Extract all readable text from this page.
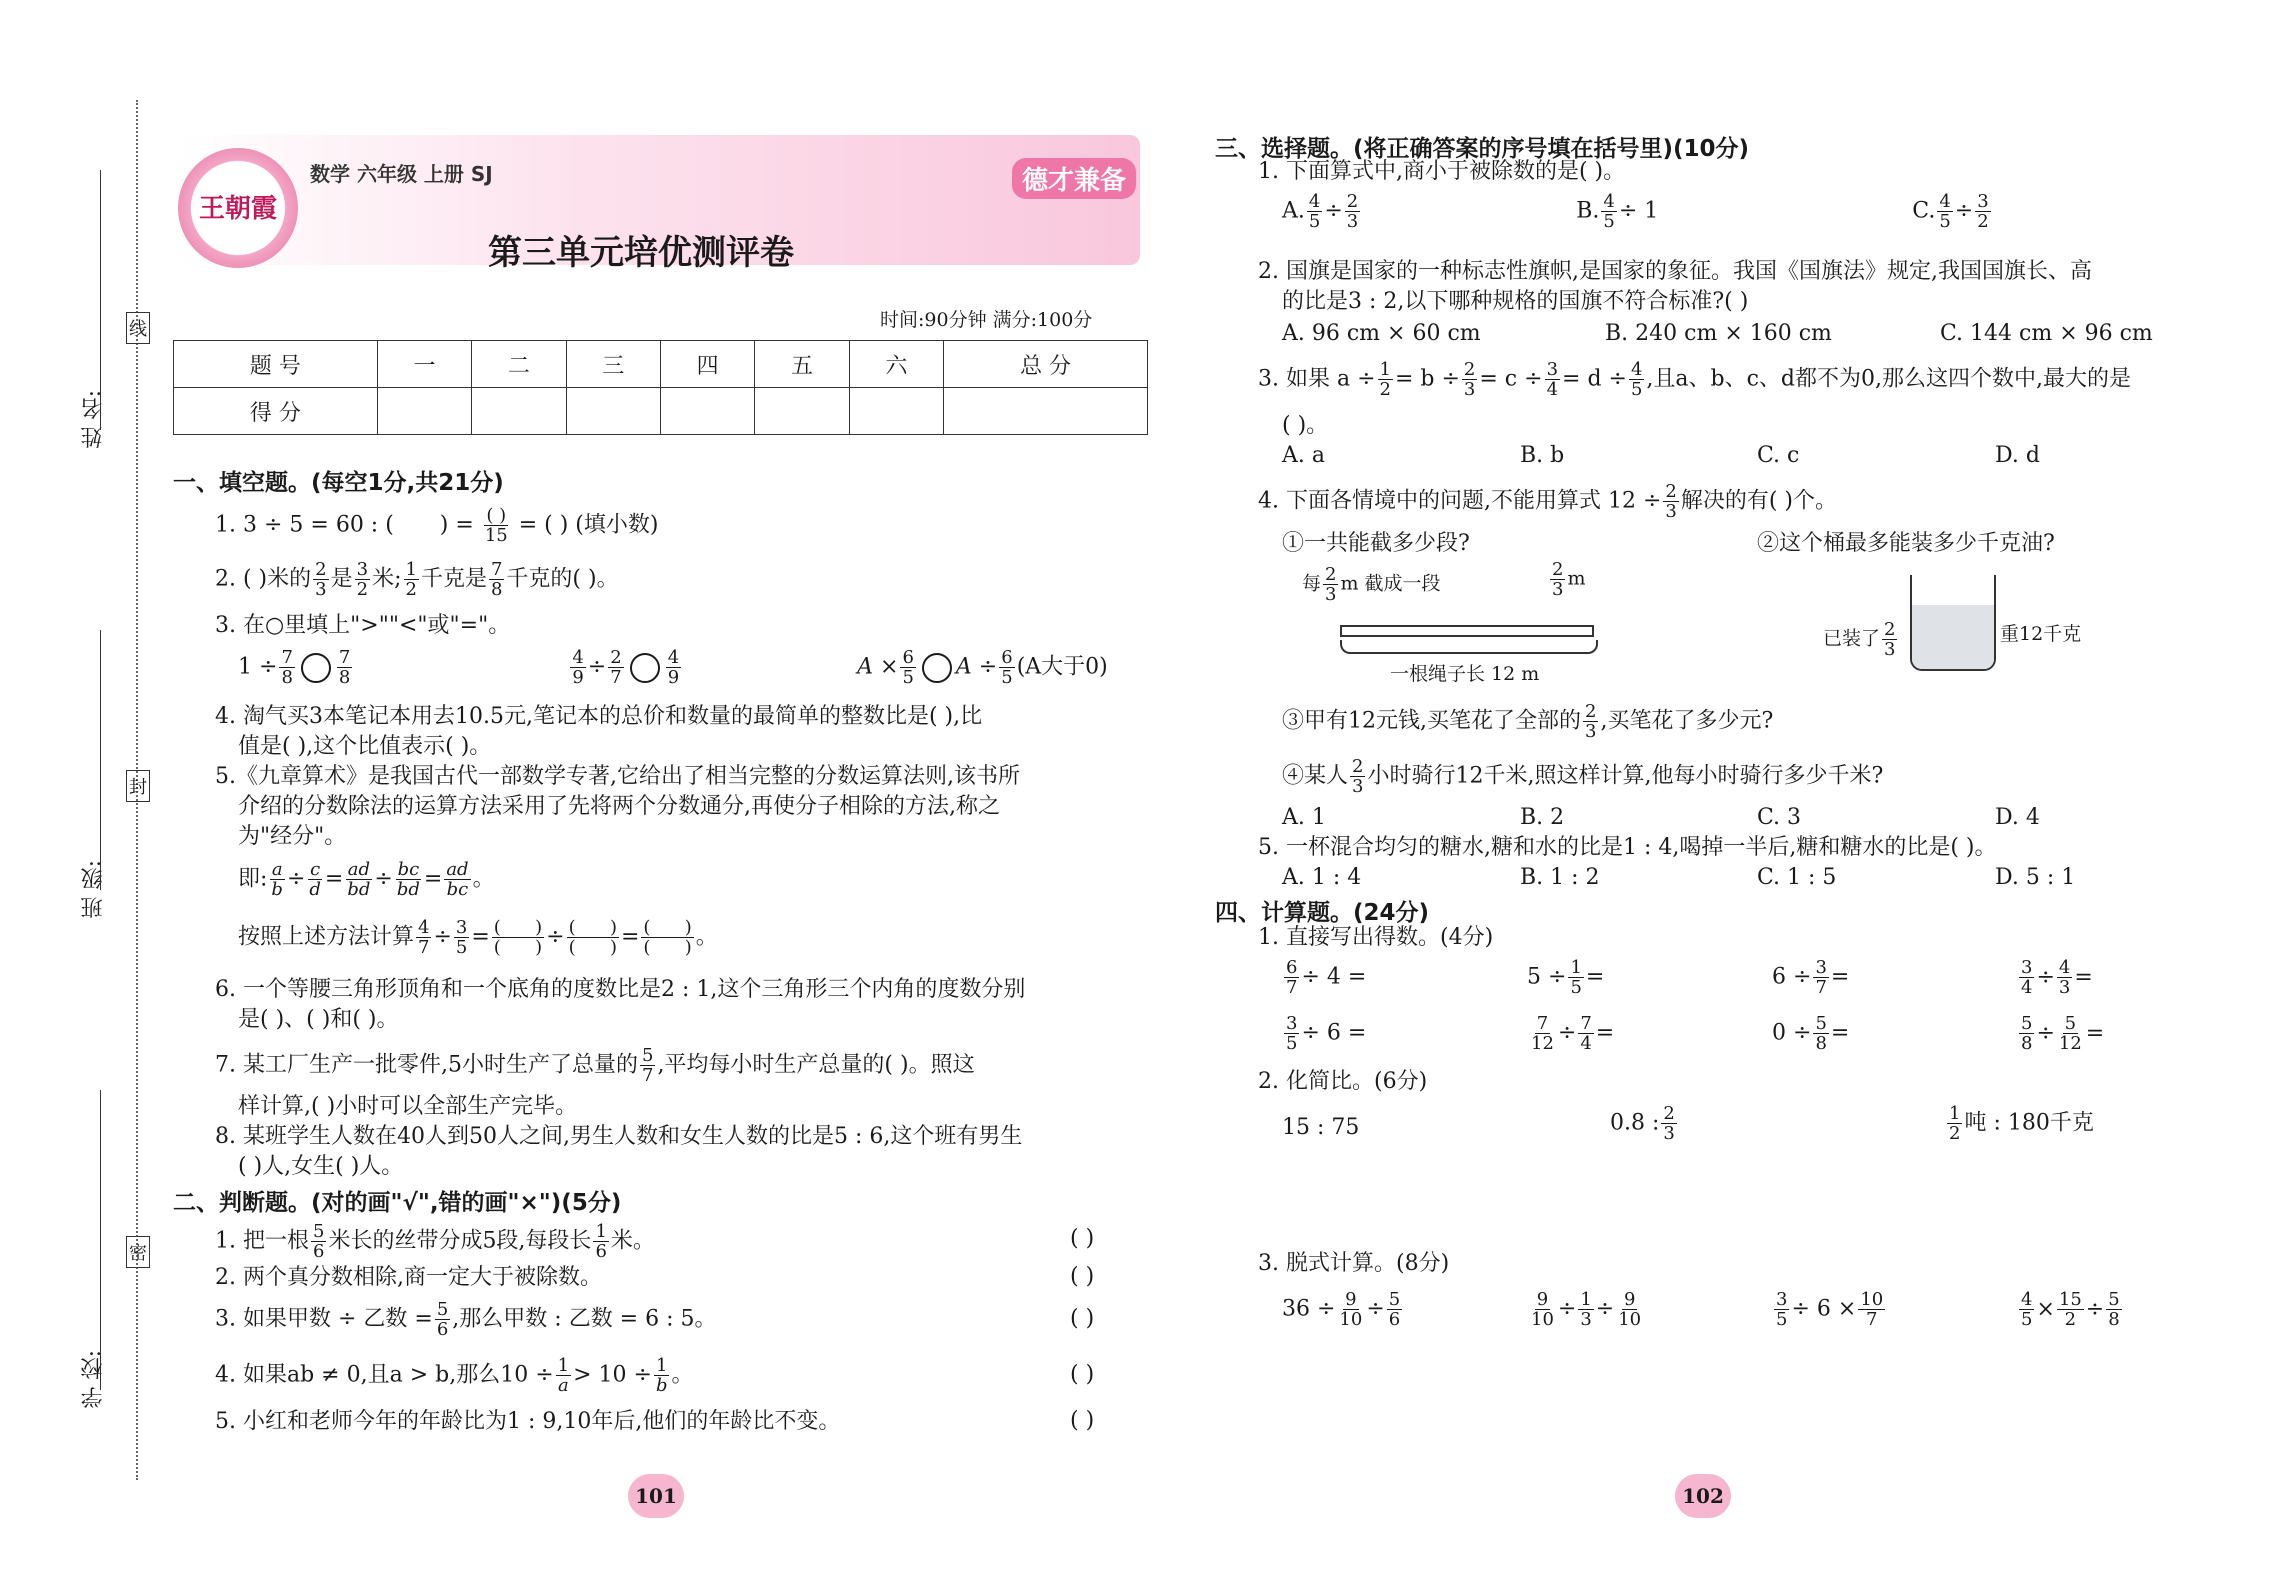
姓 名:
班 级:
学 校:
线
封
密
王朝霞
数学 六年级 上册 SJ
第三单元培优测评卷
德才兼备
时间:90分钟 满分:100分
题 号	一	二	三	四	五	六	总 分
得 分							
一、填空题。(每空1分,共21分)
1. 3 ÷ 5 = 60 : ( ) = $\frac{( )}{15}$ = ( ) (填小数)
2. ( )米的 $\frac{2}{3}$ 是 $\frac{3}{2}$ 米; $\frac{1}{2}$ 千克是 $\frac{7}{8}$ 千克的( )。
3. 在○里填上">""<"或"="。
$1 \div \frac{7}{8} \frac{7}{8}$
	$\frac{4}{9} \div \frac{2}{7} \frac{4}{9}$	$A \times \frac{6}{5}$ $A \div \frac{6}{5} (A$大于0)
4. 淘气买3本笔记本用去10.5元,笔记本的总价和数量的最简单的整数比是( ),比
值是( ),这个比值表示( )。
5.《九章算术》是我国古代一部数学专著,它给出了相当完整的分数运算法则,该书所
介绍的分数除法的运算方法采用了先将两个分数通分,再使分子相除的方法,称之
为"经分"。
即: $\frac{a}{b} \div \frac{c}{d} = \frac{ad}{bd} \div \frac{bc}{bd} = \frac{ad}{bc}$ 。
按照上述方法计算 $\frac{4}{7} \div \frac{3}{5} = \frac{( )}{( )} \div \frac{( )}{( )} = \frac{( )}{( )}$ 。
6. 一个等腰三角形顶角和一个底角的度数比是2 : 1,这个三角形三个内角的度数分别
是( )、( )和( )。
7. 某工厂生产一批零件,5小时生产了总量的 $\frac{5}{7}$ ,平均每小时生产总量的( )。照这
样计算,( )小时可以全部生产完毕。
8. 某班学生人数在40人到50人之间,男生人数和女生人数的比是5 : 6,这个班有男生
( )人,女生( )人。
二、判断题。(对的画"√",错的画"×")(5分)
1. 把一根 $\frac{5}{6}$ 米长的丝带分成5段,每段长 $\frac{1}{6}$ 米。	( )
2. 两个真分数相除,商一定大于被除数。	( )
3. 如果甲数 ÷ 乙数 = $\frac{5}{6}$ ,那么甲数 : 乙数 = 6 : 5。	( )
4. 如果ab ≠ 0,且a > b,那么$10 \div \frac{1}{a} > 10 \div \frac{1}{b}$ 。	( )
5. 小红和老师今年的年龄比为1 : 9,10年后,他们的年龄比不变。	( )
101
三、选择题。(将正确答案的序号填在括号里)(10分)
1. 下面算式中,商小于被除数的是( )。
A. $\frac{4}{5} \div \frac{2}{3}$	B. $\frac{4}{5} \div 1$	C. $\frac{4}{5} \div \frac{3}{2}$
2. 国旗是国家的一种标志性旗帜,是国家的象征。我国《国旗法》规定,我国国旗长、高
的比是3 : 2,以下哪种规格的国旗不符合标准?( )
A. 96 cm × 60 cm	B. 240 cm × 160 cm	C. 144 cm × 96 cm
3. 如果 $a \div \frac{1}{2} = b \div \frac{2}{3} = c \div \frac{3}{4} = d \div \frac{4}{5}$ ,且a、b、c、d都不为0,那么这四个数中,最大的是
( )。
A. a	B. b	C. c	D. d
4. 下面各情境中的问题,不能用算式 $12 \div \frac{2}{3}$ 解决的有( )个。
①一共能截多少段?	②这个桶最多能装多少千克油?
每 $\frac{2}{3}$ m 截成一段	$\frac{2}{3}$ m
一根绳子长 12 m
已装了 $\frac{2}{3}$	重12千克
③甲有12元钱,买笔花了全部的 $\frac{2}{3}$ ,买笔花了多少元?
④某人 $\frac{2}{3}$ 小时骑行12千米,照这样计算,他每小时骑行多少千米?
A. 1	B. 2	C. 3	D. 4
5. 一杯混合均匀的糖水,糖和水的比是1 : 4,喝掉一半后,糖和糖水的比是( )。
A. 1 : 4	B. 1 : 2	C. 1 : 5	D. 5 : 1
四、计算题。(24分)
1. 直接写出得数。(4分)
$\frac{6}{7} \div 4$ =	$5 \div \frac{1}{5}$ =	$6 \div \frac{3}{7}$ =	$\frac{3}{4} \div \frac{4}{3}$ =
$\frac{3}{5} \div 6$ =	$\frac{7}{12} \div \frac{7}{4}$ =	$0 \div \frac{5}{8}$ =	$\frac{5}{8} \div \frac{5}{12}$ =
2. 化简比。(6分)
15 : 75	0.8 : $\frac{2}{3}$	$\frac{1}{2}$ 吨 : 180千克
3. 脱式计算。(8分)
$36 \div \frac{9}{10} \div \frac{5}{6}$
	$\frac{9}{10} \div \frac{1}{3} \div \frac{9}{10}$
	$\frac{3}{5} \div 6 \times \frac{10}{7}$
	$\frac{4}{5} \times \frac{15}{2} \div \frac{5}{8}$
102
